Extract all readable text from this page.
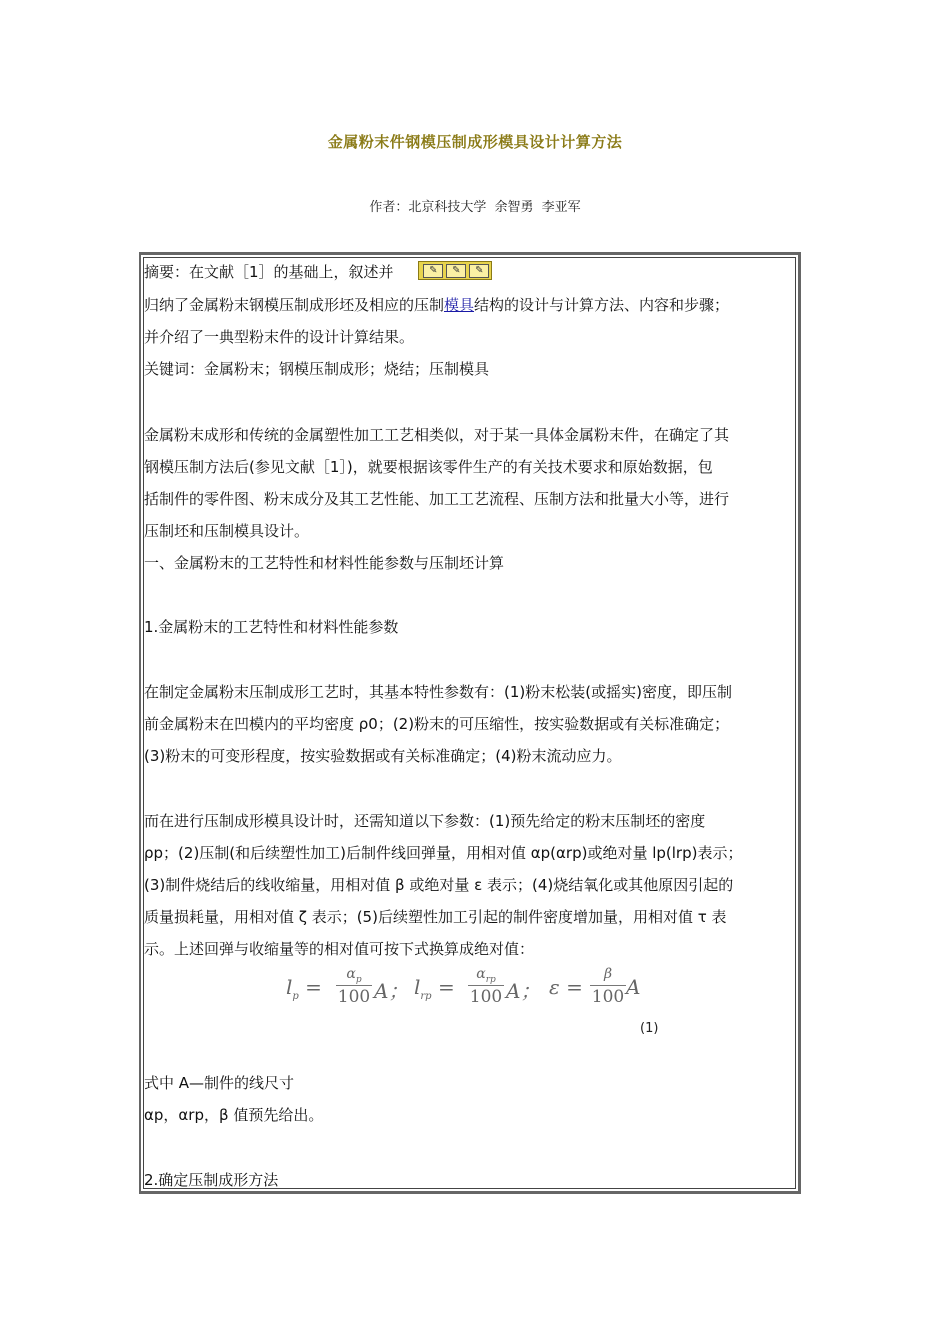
金属粉末件钢模压制成形模具设计计算方法
作者：北京科技大学 余智勇 李亚军
摘要：在文献［1］的基础上，叙述并	✎	✎	✎
归纳了金属粉末钢模压制成形坯及相应的压制模具结构的设计与计算方法、内容和步骤；
并介绍了一典型粉末件的设计计算结果。
关键词：金属粉末；钢模压制成形；烧结；压制模具
金属粉末成形和传统的金属塑性加工工艺相类似，对于某一具体金属粉末件，在确定了其
钢模压制方法后(参见文献［1］)，就要根据该零件生产的有关技术要求和原始数据，包
括制件的零件图、粉末成分及其工艺性能、加工工艺流程、压制方法和批量大小等，进行
压制坯和压制模具设计。
一、金属粉末的工艺特性和材料性能参数与压制坯计算
1.金属粉末的工艺特性和材料性能参数
在制定金属粉末压制成形工艺时，其基本特性参数有：(1)粉末松装(或摇实)密度，即压制
前金属粉末在凹模内的平均密度 ρ0；(2)粉末的可压缩性，按实验数据或有关标准确定；
(3)粉末的可变形程度，按实验数据或有关标准确定；(4)粉末流动应力。
而在进行压制成形模具设计时，还需知道以下参数：(1)预先给定的粉末压制坯的密度
ρp；(2)压制(和后续塑性加工)后制件线回弹量，用相对值 αp(αrp)或绝对量 lp(lrp)表示；
(3)制件烧结后的线收缩量，用相对值 β 或绝对量 ε 表示；(4)烧结氧化或其他原因引起的
质量损耗量，用相对值 ζ 表示；(5)后续塑性加工引起的制件密度增加量，用相对值 τ 表
示。上述回弹与收缩量等的相对值可按下式换算成绝对值：
$l_p$ =
$\alpha_p$
100 A； $l_{rp}$ =
$\alpha_{rp}$
100 A； ε =
β
100 A
(1)
式中 A—制件的线尺寸
αp，αrp，β 值预先给出。
2.确定压制成形方法
